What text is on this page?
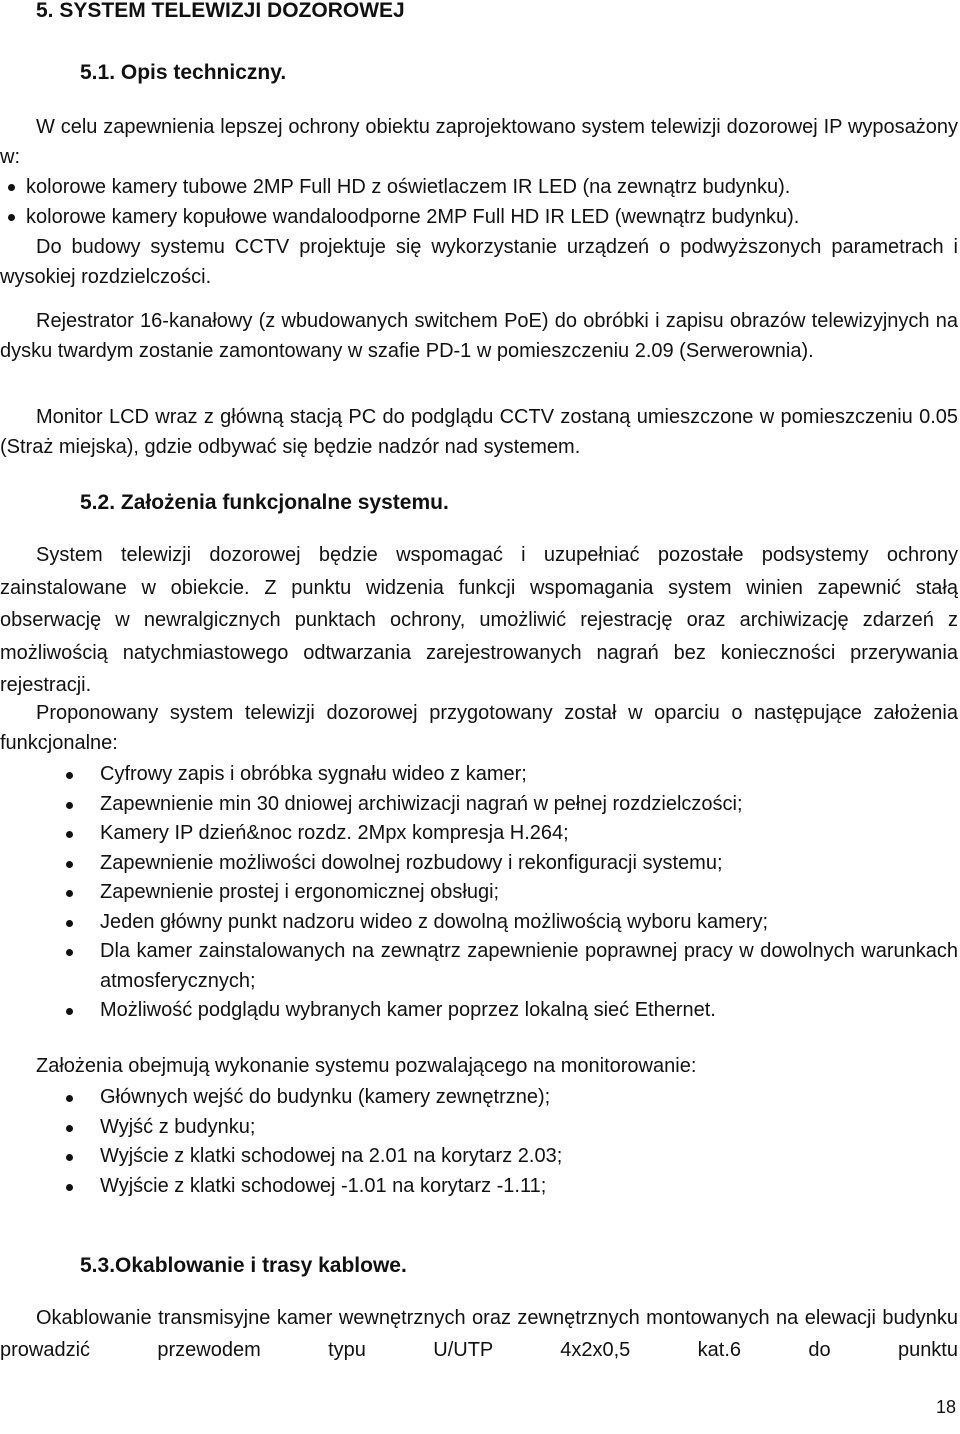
5. SYSTEM TELEWIZJI DOZOROWEJ
5.1. Opis techniczny.

W celu zapewnienia lepszej ochrony obiektu zaprojektowano system telewizji dozorowej IP wyposażony w:

kolorowe kamery tubowe 2MP Full HD z oświetlaczem IR LED (na zewnątrz budynku).
kolorowe kamery kopułowe wandaloodporne 2MP Full HD IR LED (wewnątrz budynku).

Do budowy systemu CCTV projektuje się wykorzystanie urządzeń o podwyższonych parametrach i wysokiej rozdzielczości.

Rejestrator 16-kanałowy (z wbudowanych switchem PoE) do obróbki i zapisu obrazów telewizyjnych na dysku twardym zostanie zamontowany w szafie PD-1 w pomieszczeniu 2.09 (Serwerownia).

Monitor LCD wraz z główną stacją PC do podglądu CCTV zostaną umieszczone w pomieszczeniu 0.05 (Straż miejska), gdzie odbywać się będzie nadzór nad systemem.

5.2. Założenia funkcjonalne systemu.

System telewizji dozorowej będzie wspomagać i uzupełniać pozostałe podsystemy ochrony zainstalowane w obiekcie. Z punktu widzenia funkcji wspomagania system winien zapewnić stałą obserwację w newralgicznych punktach ochrony, umożliwić rejestrację oraz archiwizację zdarzeń z możliwością natychmiastowego odtwarzania zarejestrowanych nagrań bez konieczności przerywania rejestracji.

Proponowany system telewizji dozorowej przygotowany został w oparciu o następujące założenia funkcjonalne:

Cyfrowy zapis i obróbka sygnału wideo z kamer;
Zapewnienie min 30 dniowej archiwizacji nagrań w pełnej rozdzielczości;
Kamery IP dzień&noc rozdz. 2Mpx kompresja H.264;
Zapewnienie możliwości dowolnej rozbudowy i rekonfiguracji systemu;
Zapewnienie prostej i ergonomicznej obsługi;
Jeden główny punkt nadzoru wideo z dowolną możliwością wyboru kamery;
Dla kamer zainstalowanych na zewnątrz zapewnienie poprawnej pracy w dowolnych warunkach atmosferycznych;
Możliwość podglądu wybranych kamer poprzez lokalną sieć Ethernet.

Założenia obejmują wykonanie systemu pozwalającego na monitorowanie:

Głównych wejść do budynku (kamery zewnętrzne);
Wyjść z budynku;
Wyjście z klatki schodowej na 2.01 na korytarz 2.03;
Wyjście z klatki schodowej -1.01 na korytarz -1.11;
5.3.Okablowanie i trasy kablowe.

Okablowanie transmisyjne kamer wewnętrznych oraz zewnętrznych montowanych na elewacji budynku prowadzić przewodem typu U/UTP 4x2x0,5 kat.6 do punktu

18
